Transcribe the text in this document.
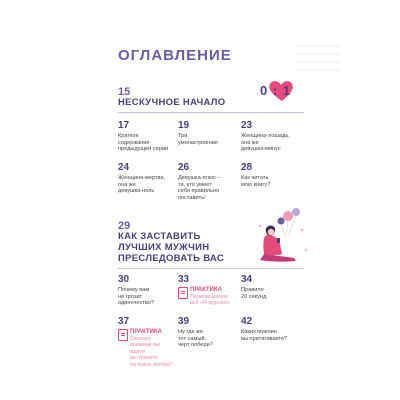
ОГЛАВЛЕНИЕ
15
НЕСКУЧНОЕ НАЧАЛО
0 : 1
17
Краткое
содержание
предыдущей серии
19
Три
умонастроения
23
Женщина-лошадь,
она же
девушка-минус
24
Женщина-жертва,
она же
девушка-ноль
26
Девушка-плюс –
та, кто умеет
себя правильно
поставить!
28
Как читать
мою книгу?
29
КАК ЗАСТАВИТЬ
ЛУЧШИХ МУЖЧИН
ПРЕСЛЕДОВАТЬ ВАС
30
Почему вам
не грозит
одиночество?
33
ПРАКТИКА
Переписываем
всё «Я журнал»
34
Правило
20 секунд
37
ПРАКТИКА
Сколько
времени вы ждете
вы тратите
на поиск любви?
39
Ну где же
тот самый,
черт побери?
42
Каких мужчин
вы притягиваете?
